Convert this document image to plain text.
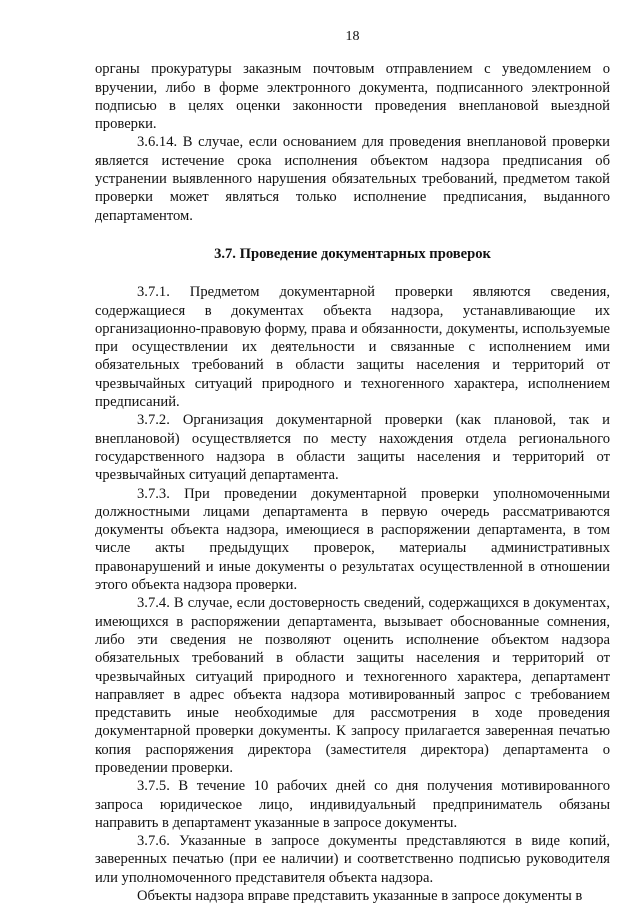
18

органы прокуратуры заказным почтовым отправлением с уведомлением о вручении, либо в форме электронного документа, подписанного электронной подписью в целях оценки законности проведения внеплановой выездной проверки.

3.6.14. В случае, если основанием для проведения внеплановой проверки является истечение срока исполнения объектом надзора предписания об устранении выявленного нарушения обязательных требований, предметом такой проверки может являться только исполнение предписания, выданного департаментом.

3.7. Проведение документарных проверок

3.7.1. Предметом документарной проверки являются сведения, содержащиеся в документах объекта надзора, устанавливающие их организационно-правовую форму, права и обязанности, документы, используемые при осуществлении их деятельности и связанные с исполнением ими обязательных требований в области защиты населения и территорий от чрезвычайных ситуаций природного и техногенного характера, исполнением предписаний.

3.7.2. Организация документарной проверки (как плановой, так и внеплановой) осуществляется по месту нахождения отдела регионального государственного надзора в области защиты населения и территорий от чрезвычайных ситуаций департамента.

3.7.3. При проведении документарной проверки уполномоченными должностными лицами департамента в первую очередь рассматриваются документы объекта надзора, имеющиеся в распоряжении департамента, в том числе акты предыдущих проверок, материалы административных правонарушений и иные документы о результатах осуществленной в отношении этого объекта надзора проверки.

3.7.4. В случае, если достоверность сведений, содержащихся в документах, имеющихся в распоряжении департамента, вызывает обоснованные сомнения, либо эти сведения не позволяют оценить исполнение объектом надзора обязательных требований в области защиты населения и территорий от чрезвычайных ситуаций природного и техногенного характера, департамент направляет в адрес объекта надзора мотивированный запрос с требованием представить иные необходимые для рассмотрения в ходе проведения документарной проверки документы. К запросу прилагается заверенная печатью копия распоряжения директора (заместителя директора) департамента о проведении проверки.

3.7.5. В течение 10 рабочих дней со дня получения мотивированного запроса юридическое лицо, индивидуальный предприниматель обязаны направить в департамент указанные в запросе документы.

3.7.6. Указанные в запросе документы представляются в виде копий, заверенных печатью (при ее наличии) и соответственно подписью руководителя или уполномоченного представителя объекта надзора.

Объекты надзора вправе представить указанные в запросе документы в
